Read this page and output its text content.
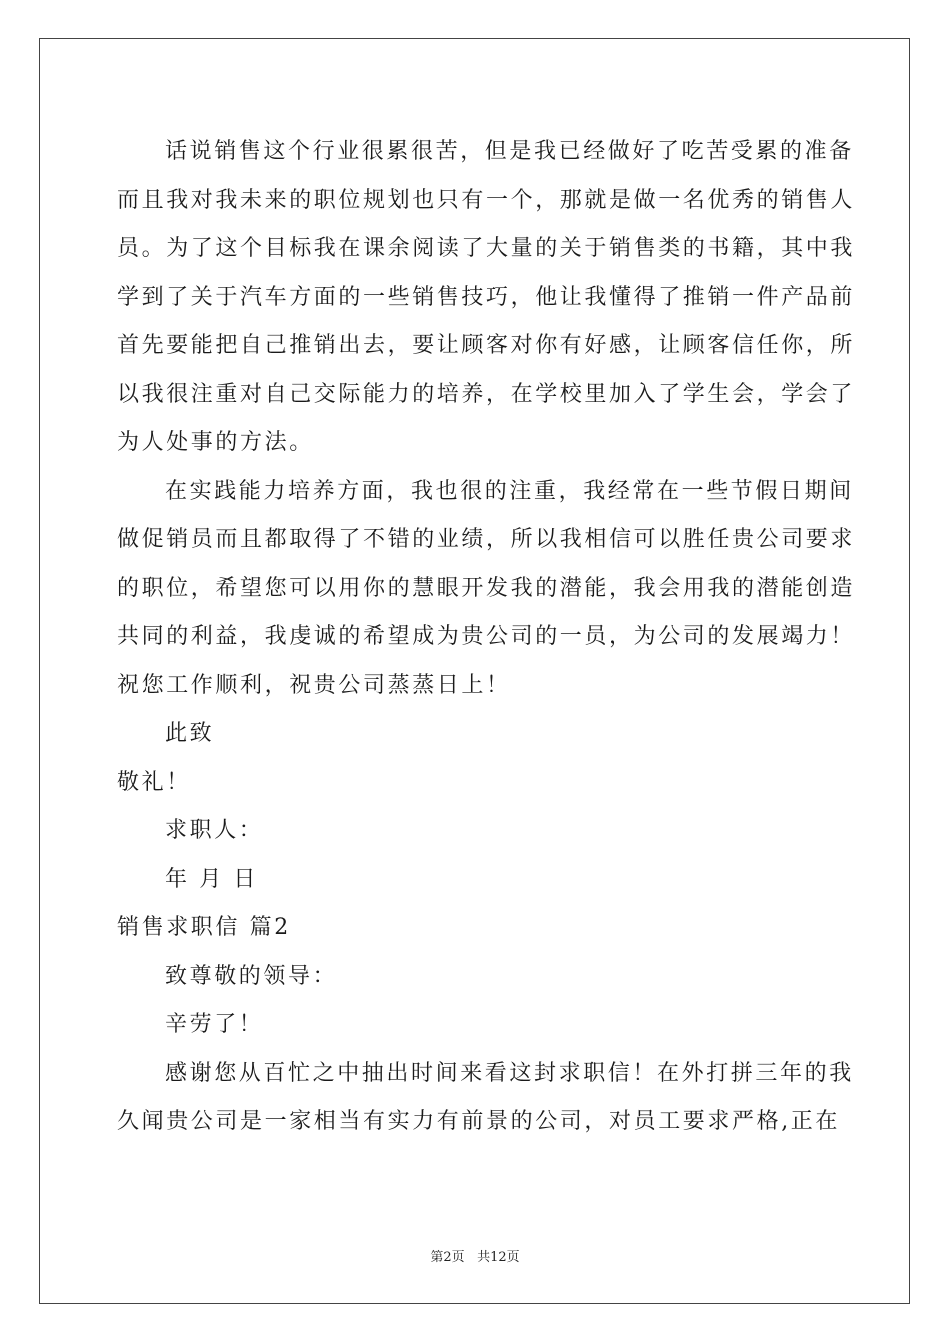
话说销售这个行业很累很苦，但是我已经做好了吃苦受累的准备
而且我对我未来的职位规划也只有一个，那就是做一名优秀的销售人
员。为了这个目标我在课余阅读了大量的关于销售类的书籍，其中我
学到了关于汽车方面的一些销售技巧，他让我懂得了推销一件产品前
首先要能把自己推销出去，要让顾客对你有好感，让顾客信任你，所
以我很注重对自己交际能力的培养，在学校里加入了学生会，学会了
为人处事的方法。
在实践能力培养方面，我也很的注重，我经常在一些节假日期间
做促销员而且都取得了不错的业绩，所以我相信可以胜任贵公司要求
的职位，希望您可以用你的慧眼开发我的潜能，我会用我的潜能创造
共同的利益，我虔诚的希望成为贵公司的一员，为公司的发展竭力！
祝您工作顺利，祝贵公司蒸蒸日上！
此致
敬礼！
求职人：
年 月 日
销售求职信 篇2
致尊敬的领导：
辛劳了！
感谢您从百忙之中抽出时间来看这封求职信！在外打拼三年的我
久闻贵公司是一家相当有实力有前景的公司，对员工要求严格,正在
第2页 共12页
